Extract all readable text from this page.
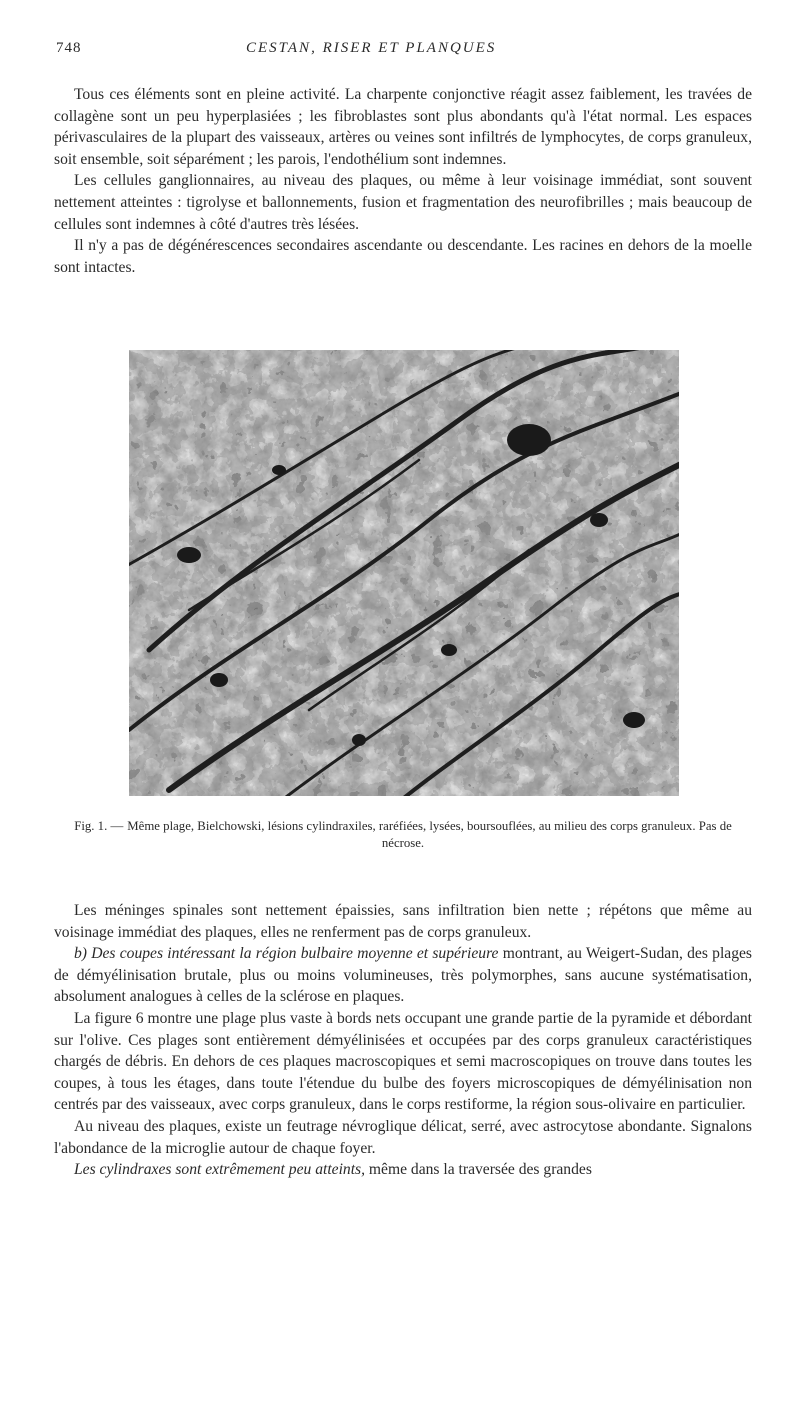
748	CESTAN, RISER ET PLANQUES

Tous ces éléments sont en pleine activité. La charpente conjonctive réagit assez faiblement, les travées de collagène sont un peu hyperplasiées ; les fibroblastes sont plus abondants qu'à l'état normal. Les espaces périvasculaires de la plupart des vaisseaux, artères ou veines sont infiltrés de lymphocytes, de corps granuleux, soit ensemble, soit séparément ; les parois, l'endothélium sont indemnes.

Les cellules ganglionnaires, au niveau des plaques, ou même à leur voisinage immédiat, sont souvent nettement atteintes : tigrolyse et ballonnements, fusion et fragmentation des neurofibrilles ; mais beaucoup de cellules sont indemnes à côté d'autres très lésées.

Il n'y a pas de dégénérescences secondaires ascendante ou descendante. Les racines en dehors de la moelle sont intactes.

Fig. 1. — Même plage, Bielchowski, lésions cylindraxiles, raréfiées, lysées, boursouflées, au milieu des corps granuleux. Pas de nécrose.

Les méninges spinales sont nettement épaissies, sans infiltration bien nette ; répétons que même au voisinage immédiat des plaques, elles ne renferment pas de corps granuleux.

b) Des coupes intéressant la région bulbaire moyenne et supérieure montrant, au Weigert-Sudan, des plages de démyélinisation brutale, plus ou moins volumineuses, très polymorphes, sans aucune systématisation, absolument analogues à celles de la sclérose en plaques.

La figure 6 montre une plage plus vaste à bords nets occupant une grande partie de la pyramide et débordant sur l'olive. Ces plages sont entièrement démyélinisées et occupées par des corps granuleux caractéristiques chargés de débris. En dehors de ces plaques macroscopiques et semi macroscopiques on trouve dans toutes les coupes, à tous les étages, dans toute l'étendue du bulbe des foyers microscopiques de démyélinisation non centrés par des vaisseaux, avec corps granuleux, dans le corps restiforme, la région sous-olivaire en particulier.

Au niveau des plaques, existe un feutrage névroglique délicat, serré, avec astrocytose abondante. Signalons l'abondance de la microglie autour de chaque foyer.

Les cylindraxes sont extrêmement peu atteints, même dans la traversée des grandes
